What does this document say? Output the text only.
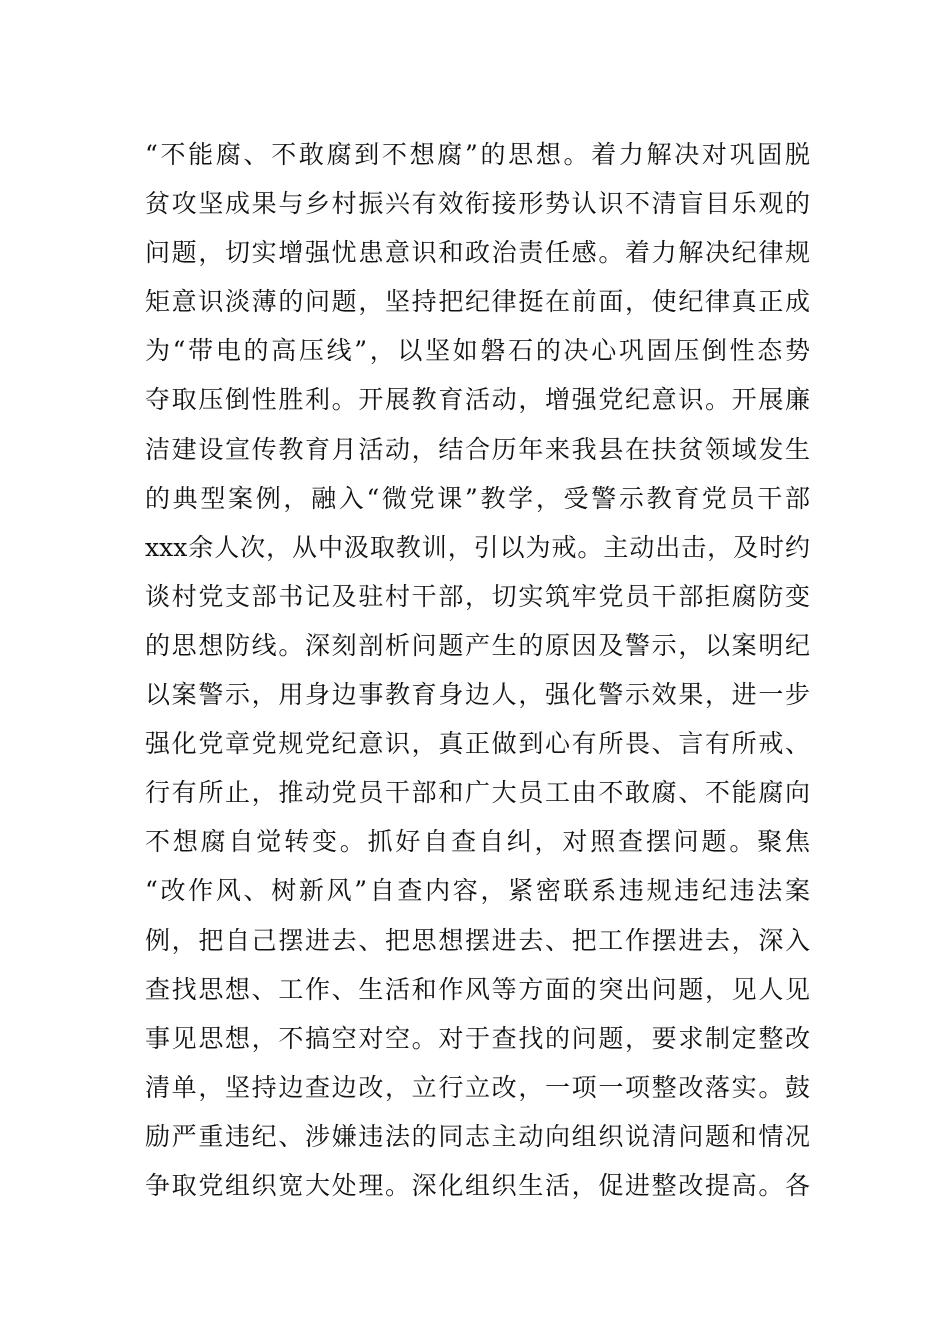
“不能腐、不敢腐到不想腐”的思想。着力解决对巩固脱
贫攻坚成果与乡村振兴有效衔接形势认识不清盲目乐观的
问题，切实增强忧患意识和政治责任感。着力解决纪律规
矩意识淡薄的问题，坚持把纪律挺在前面，使纪律真正成
为“带电的高压线”，以坚如磐石的决心巩固压倒性态势
夺取压倒性胜利。开展教育活动，增强党纪意识。开展廉
洁建设宣传教育月活动，结合历年来我县在扶贫领域发生
的典型案例，融入“微党课”教学，受警示教育党员干部
xxx余人次，从中汲取教训，引以为戒。主动出击，及时约
谈村党支部书记及驻村干部，切实筑牢党员干部拒腐防变
的思想防线。深刻剖析问题产生的原因及警示，以案明纪
以案警示，用身边事教育身边人，强化警示效果，进一步
强化党章党规党纪意识，真正做到心有所畏、言有所戒、
行有所止，推动党员干部和广大员工由不敢腐、不能腐向
不想腐自觉转变。抓好自查自纠，对照查摆问题。聚焦
“改作风、树新风”自查内容，紧密联系违规违纪违法案
例，把自己摆进去、把思想摆进去、把工作摆进去，深入
查找思想、工作、生活和作风等方面的突出问题，见人见
事见思想，不搞空对空。对于查找的问题，要求制定整改
清单，坚持边查边改，立行立改，一项一项整改落实。鼓
励严重违纪、涉嫌违法的同志主动向组织说清问题和情况
争取党组织宽大处理。深化组织生活，促进整改提高。各
